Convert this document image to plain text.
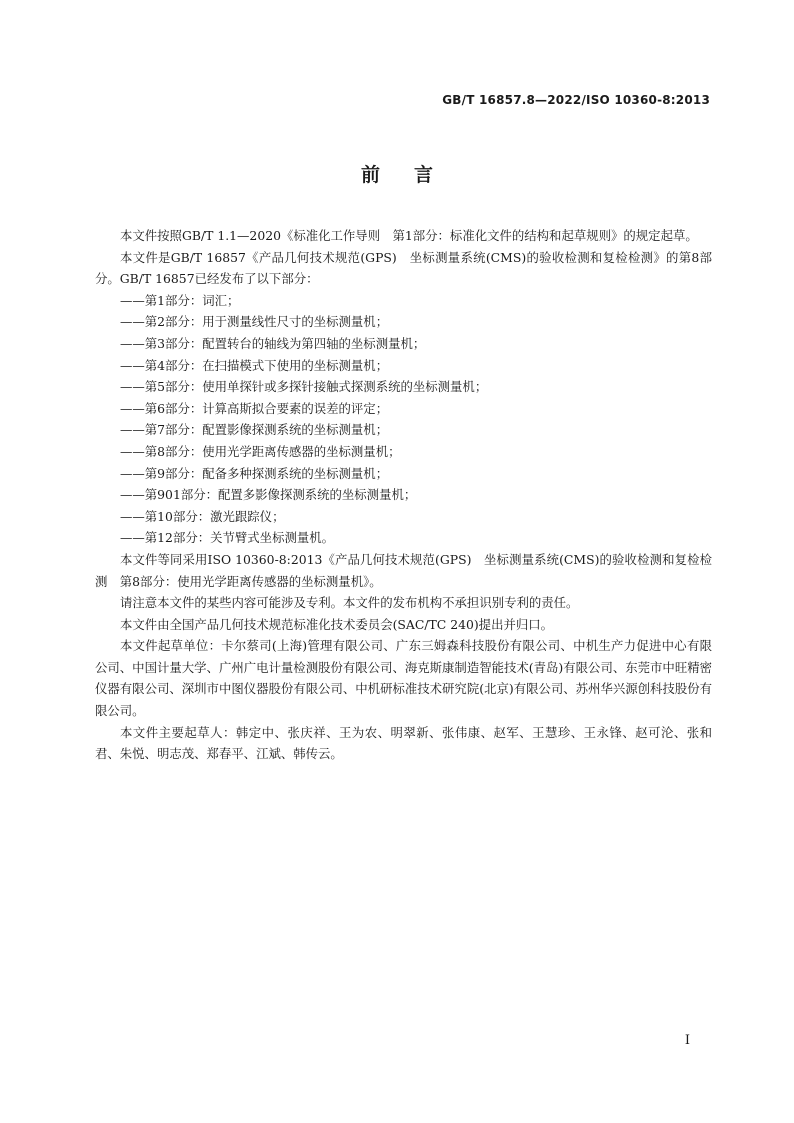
GB/T 16857.8—2022/ISO 10360-8:2013
前言

本文件按照GB/T 1.1—2020《标准化工作导则　第1部分：标准化文件的结构和起草规则》的规定起草。

本文件是GB/T 16857《产品几何技术规范(GPS)　坐标测量系统(CMS)的验收检测和复检检测》的第8部分。GB/T 16857已经发布了以下部分：

——第1部分：词汇；

——第2部分：用于测量线性尺寸的坐标测量机；

——第3部分：配置转台的轴线为第四轴的坐标测量机；

——第4部分：在扫描模式下使用的坐标测量机；

——第5部分：使用单探针或多探针接触式探测系统的坐标测量机；

——第6部分：计算高斯拟合要素的误差的评定；

——第7部分：配置影像探测系统的坐标测量机；

——第8部分：使用光学距离传感器的坐标测量机；

——第9部分：配备多种探测系统的坐标测量机；

——第901部分：配置多影像探测系统的坐标测量机；

——第10部分：激光跟踪仪；

——第12部分：关节臂式坐标测量机。

本文件等同采用ISO 10360-8:2013《产品几何技术规范(GPS)　坐标测量系统(CMS)的验收检测和复检检测　第8部分：使用光学距离传感器的坐标测量机》。

请注意本文件的某些内容可能涉及专利。本文件的发布机构不承担识别专利的责任。

本文件由全国产品几何技术规范标准化技术委员会(SAC/TC 240)提出并归口。

本文件起草单位：卡尔蔡司(上海)管理有限公司、广东三姆森科技股份有限公司、中机生产力促进中心有限公司、中国计量大学、广州广电计量检测股份有限公司、海克斯康制造智能技术(青岛)有限公司、东莞市中旺精密仪器有限公司、深圳市中图仪器股份有限公司、中机研标准技术研究院(北京)有限公司、苏州华兴源创科技股份有限公司。

本文件主要起草人：韩定中、张庆祥、王为农、明翠新、张伟康、赵军、王慧珍、王永锋、赵可沦、张和君、朱悦、明志茂、郑春平、江斌、韩传云。

I
